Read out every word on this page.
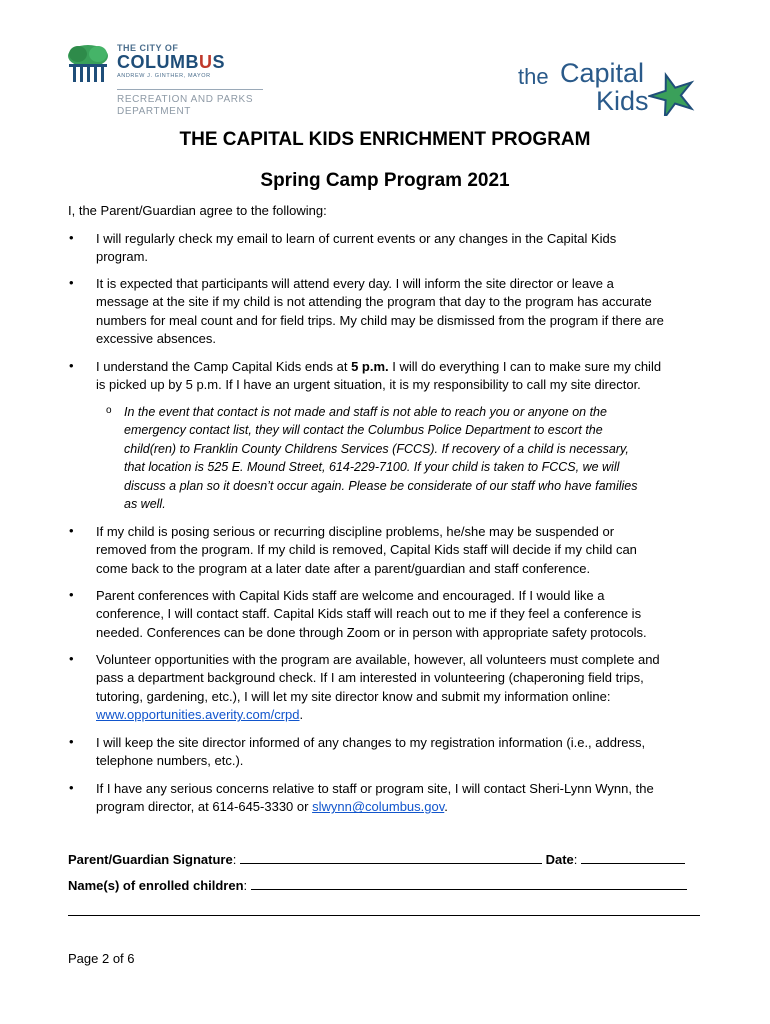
THE CITY OF
COLUMBUS
ANDREW J. GINTHER, MAYOR
RECREATION AND PARKS
DEPARTMENT
the Capital
Kids
THE CAPITAL KIDS ENRICHMENT PROGRAM
Spring Camp Program 2021
I, the Parent/Guardian agree to the following:
• I will regularly check my email to learn of current events or any changes in the Capital Kids
program.
• It is expected that participants will attend every day. I will inform the site director or leave a
message at the site if my child is not attending the program that day to the program has accurate
numbers for meal count and for field trips. My child may be dismissed from the program if there are
excessive absences.
• I understand the Camp Capital Kids ends at 5 p.m. I will do everything I can to make sure my child
is picked up by 5 p.m. If I have an urgent situation, it is my responsibility to call my site director.
o In the event that contact is not made and staff is not able to reach you or anyone on the
emergency contact list, they will contact the Columbus Police Department to escort the
child(ren) to Franklin County Childrens Services (FCCS). If recovery of a child is necessary,
that location is 525 E. Mound Street, 614-229-7100. If your child is taken to FCCS, we will
discuss a plan so it doesn’t occur again. Please be considerate of our staff who have families
as well.
• If my child is posing serious or recurring discipline problems, he/she may be suspended or
removed from the program. If my child is removed, Capital Kids staff will decide if my child can
come back to the program at a later date after a parent/guardian and staff conference.
• Parent conferences with Capital Kids staff are welcome and encouraged. If I would like a
conference, I will contact staff. Capital Kids staff will reach out to me if they feel a conference is
needed. Conferences can be done through Zoom or in person with appropriate safety protocols.
• Volunteer opportunities with the program are available, however, all volunteers must complete and
pass a department background check. If I am interested in volunteering (chaperoning field trips,
tutoring, gardening, etc.), I will let my site director know and submit my information online:
www.opportunities.averity.com/crpd.
• I will keep the site director informed of any changes to my registration information (i.e., address,
telephone numbers, etc.).
• If I have any serious concerns relative to staff or program site, I will contact Sheri-Lynn Wynn, the
program director, at 614-645-3330 or slwynn@columbus.gov.
Parent/Guardian Signature:	Date:
Name(s) of enrolled children:
Page 2 of 6
